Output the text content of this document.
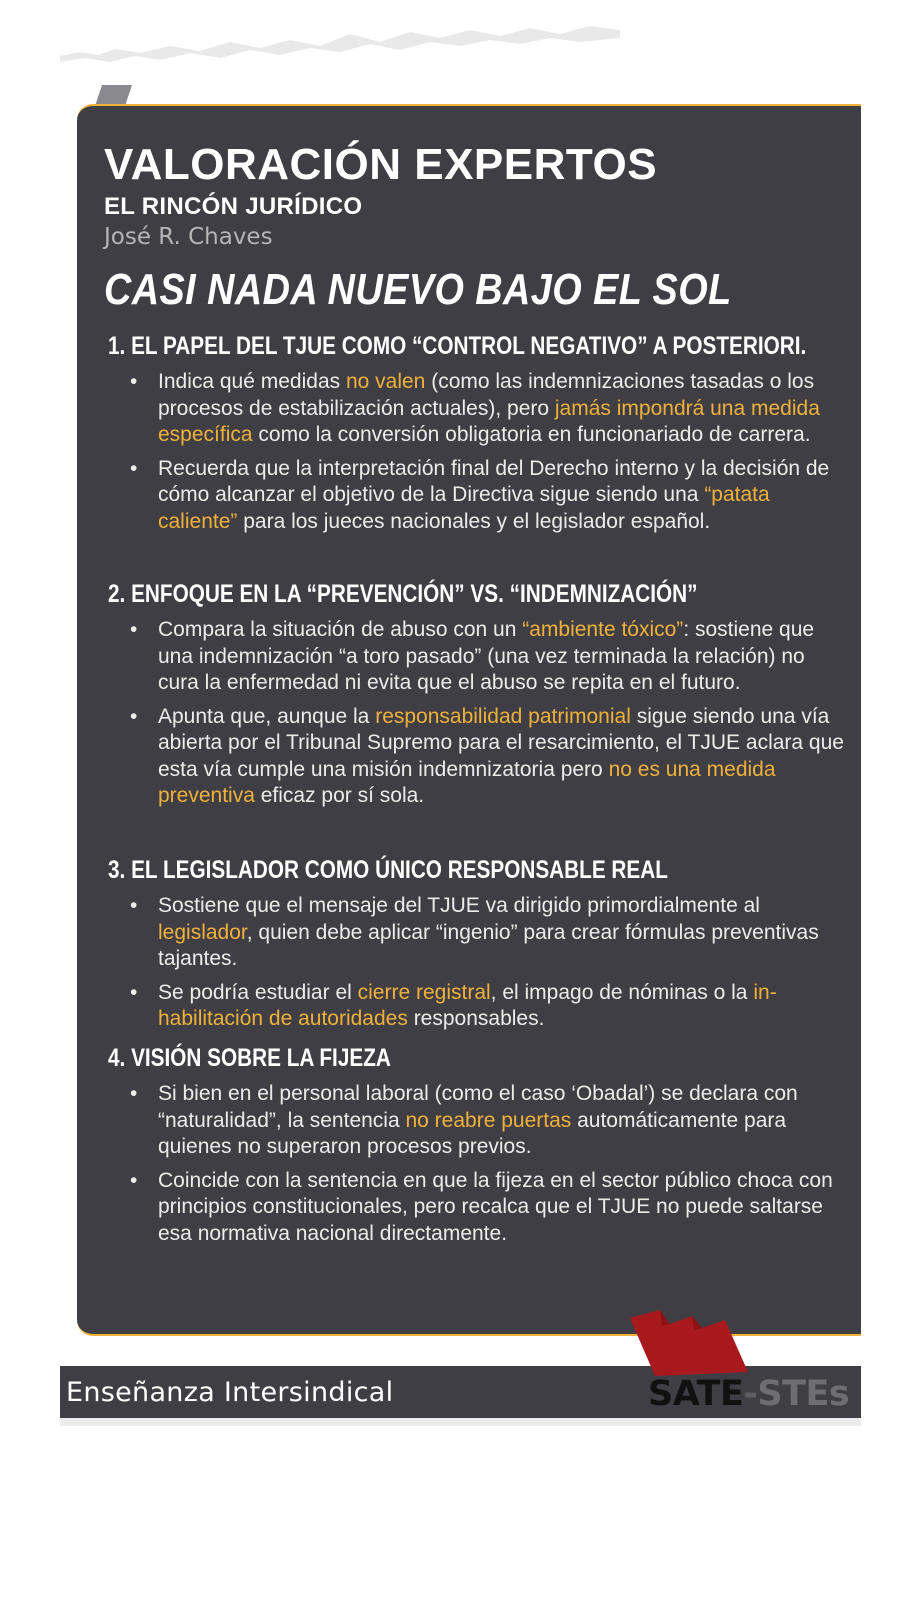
VALORACIÓN EXPERTOS
EL RINCÓN JURÍDICO
José R. Chaves
CASI NADA NUEVO BAJO EL SOL
1. EL PAPEL DEL TJUE COMO “CONTROL NEGATIVO” A POSTERIORI.
• Indica qué medidas no valen (como las indemnizaciones tasadas o los procesos de estabilización actuales), pero jamás impondrá una medida específica como la conversión obligatoria en funcionariado de carrera.
• Recuerda que la interpretación final del Derecho interno y la decisión de cómo alcanzar el objetivo de la Directiva sigue siendo una “patata caliente” para los jueces nacionales y el legislador español.
2. ENFOQUE EN LA “PREVENCIÓN” VS. “INDEMNIZACIÓN”
• Compara la situación de abuso con un “ambiente tóxico”: sostiene que una indemnización “a toro pasado” (una vez terminada la relación) no cura la enfermedad ni evita que el abuso se repita en el futuro.
• Apunta que, aunque la responsabilidad patrimonial sigue siendo una vía abierta por el Tribunal Supremo para el resarcimiento, el TJUE aclara que esta vía cumple una misión indemnizatoria pero no es una medida preventiva eficaz por sí sola.
3. EL LEGISLADOR COMO ÚNICO RESPONSABLE REAL
• Sostiene que el mensaje del TJUE va dirigido primordialmente al legislador, quien debe aplicar “ingenio” para crear fórmulas preventivas tajantes.
• Se podría estudiar el cierre registral, el impago de nóminas o la inhabilitación de autoridades responsables.
4. VISIÓN SOBRE LA FIJEZA
• Si bien en el personal laboral (como el caso ‘Obadal’) se declara con “naturalidad”, la sentencia no reabre puertas automáticamente para quienes no superaron procesos previos.
• Coincide con la sentencia en que la fijeza en el sector público choca con principios constitucionales, pero recalca que el TJUE no puede saltarse esa normativa nacional directamente.
Enseñanza Intersindical	SATE-STEs
